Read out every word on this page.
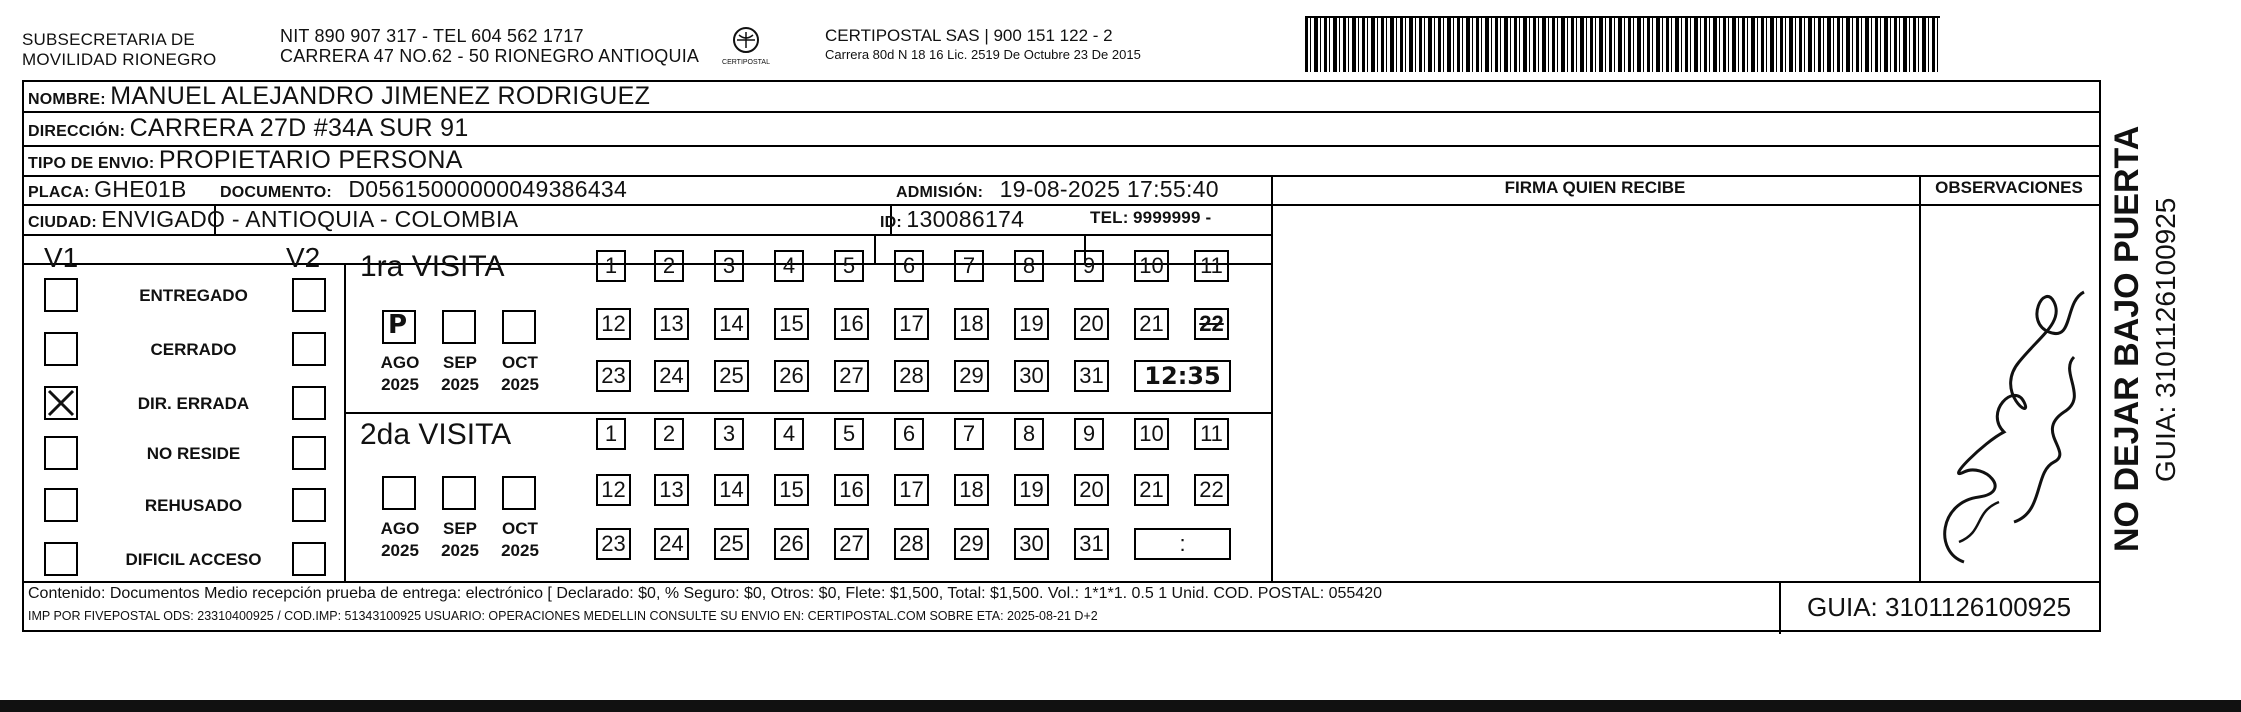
SUBSECRETARIA DE
MOVILIDAD RIONEGRO
NIT 890 907 317 - TEL 604 562 1717
CARRERA 47 NO.62 - 50 RIONEGRO ANTIOQUIA	CERTIPOSTAL
CERTIPOSTAL SAS | 900 151 122 - 2
Carrera 80d N 18 16 Lic. 2519 De Octubre 23 De 2015
NOMBRE: MANUEL ALEJANDRO JIMENEZ RODRIGUEZ
DIRECCIÓN: CARRERA 27D #34A SUR 91
TIPO DE ENVIO: PROPIETARIO PERSONA
FIRMA QUIEN RECIBE	OBSERVACIONES
PLACA: GHE01B DOCUMENTO: D05615000000049386434	ADMISIÓN: 19-08-2025 17:55:40
CIUDAD: ENVIGADO - ANTIOQUIA - COLOMBIA	ID: 130086174	TEL: 9999999 -
V1	V2
ENTREGADO
CERRADO
DIR. ERRADA
NO RESIDE
REHUSADO
DIFICIL ACCESO
1ra VISITA
P
AGO
2025
SEP
2025
OCT
2025
1	2	3	4	5	6	7	8	9	10 11
12 13 14 15 16 17 18 19 20 21 22
23 24 25 26 27 28 29 30 31	12:35
2da VISITA
AGO
2025
SEP
2025
OCT
2025
1	2	3	4	5	6	7	8	9	10 11
12 13 14 15 16 17 18 19 20 21 22
23 24 25 26 27 28 29 30 31	:
Contenido: Documentos Medio recepción prueba de entrega: electrónico [ Declarado: $0, % Seguro: $0, Otros: $0, Flete: $1,500, Total: $1,500. Vol.: 1*1*1. 0.5 1 Unid. COD. POSTAL: 055420
IMP POR FIVEPOSTAL ODS: 23310400925 / COD.IMP: 51343100925 USUARIO: OPERACIONES MEDELLIN CONSULTE SU ENVIO EN: CERTIPOSTAL.COM SOBRE ETA: 2025-08-21 D+2	GUIA: 3101126100925
NO DEJAR BAJO PUERTA GUIA: 3101126100925
